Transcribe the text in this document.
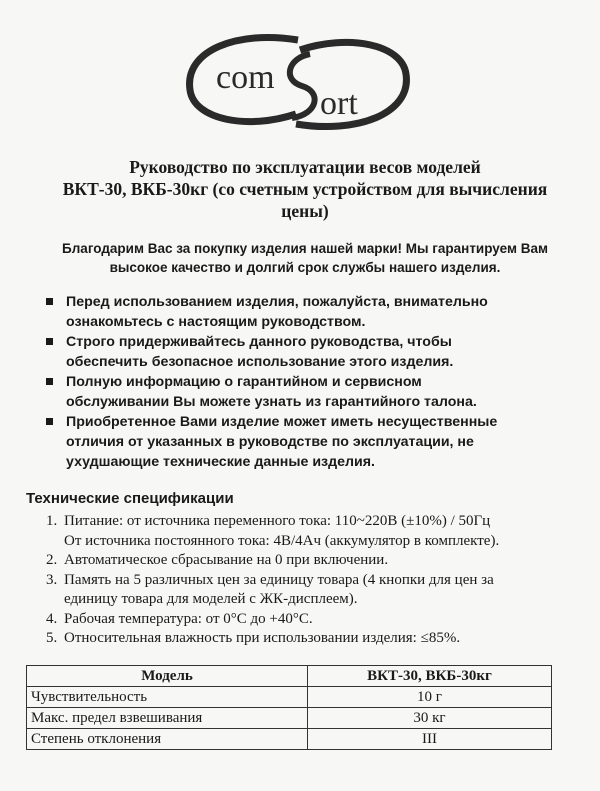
com
ort
Руководство по эксплуатации весов моделей
ВКТ-30, ВКБ-30кг (со счетным устройством для вычисления
цены)
Благодарим Вас за покупку изделия нашей марки! Мы гарантируем Вам
высокое качество и долгий срок службы нашего изделия.
Перед использованием изделия, пожалуйста, внимательно
ознакомьтесь с настоящим руководством.
Строго придерживайтесь данного руководства, чтобы
обеспечить безопасное использование этого изделия.
Полную информацию о гарантийном и сервисном
обслуживании Вы можете узнать из гарантийного талона.
Приобретенное Вами изделие может иметь несущественные
отличия от указанных в руководстве по эксплуатации, не
ухудшающие технические данные изделия.
Технические спецификации
1. Питание: от источника переменного тока: 110~220В (±10%) / 50Гц
От источника постоянного тока: 4В/4Ач (аккумулятор в комплекте).
2. Автоматическое сбрасывание на 0 при включении.
3. Память на 5 различных цен за единицу товара (4 кнопки для цен за
единицу товара для моделей с ЖК-дисплеем).
4. Рабочая температура: от 0°С до +40°С.
5. Относительная влажность при использовании изделия: ≤85%.
Модель	ВКТ-30, ВКБ-30кг
Чувствительность	10 г
Макс. предел взвешивания	30 кг
Степень отклонения	III
